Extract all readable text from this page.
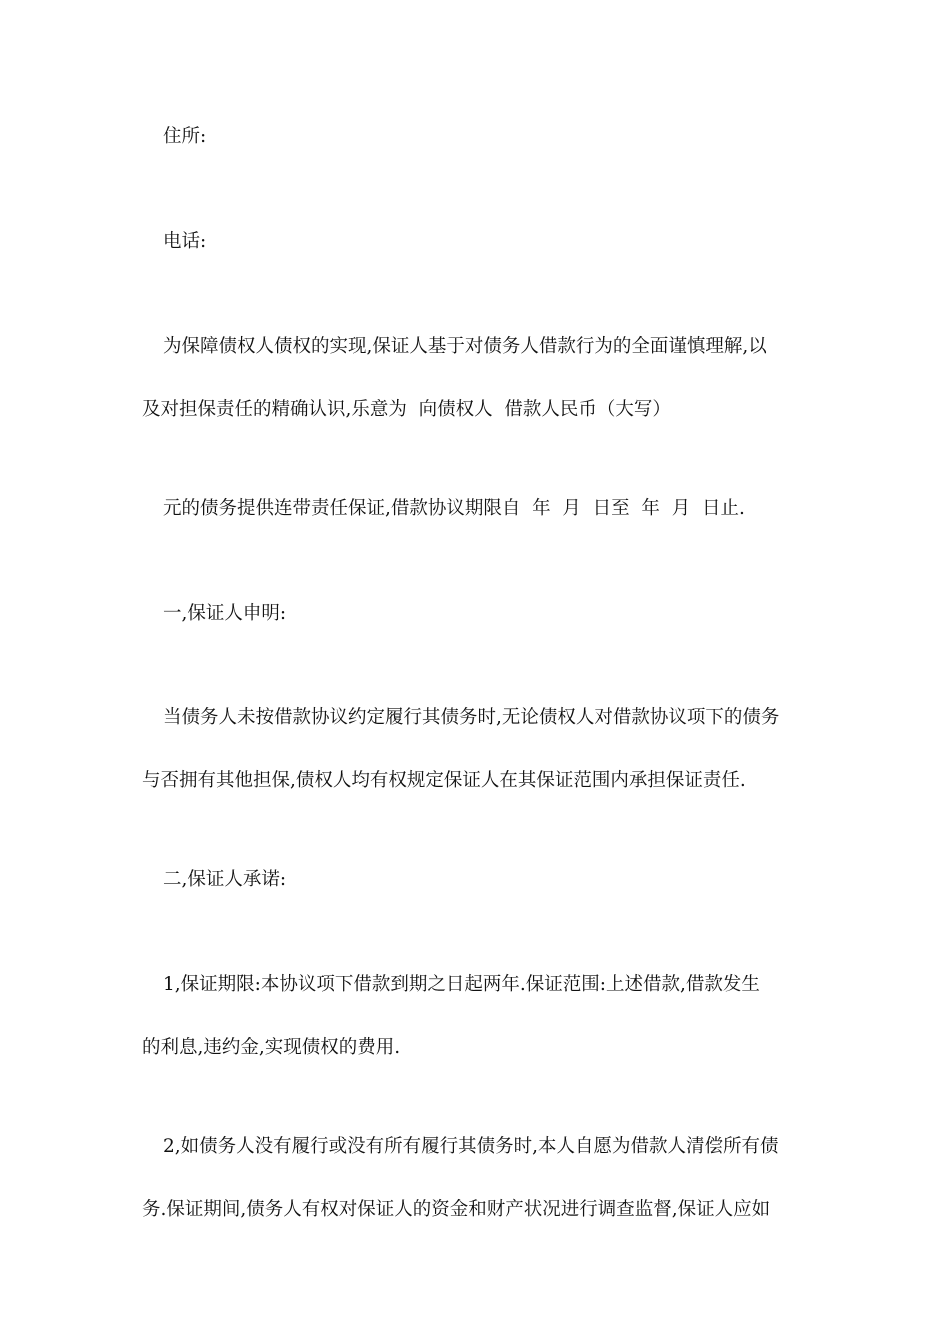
住所:
电话:
为保障债权人债权的实现,保证人基于对债务人借款行为的全面谨慎理解,以
及对担保责任的精确认识,乐意为  向债权人  借款人民币（大写）
元的债务提供连带责任保证,借款协议期限自  年  月  日至  年  月  日止.
一,保证人申明:
当债务人未按借款协议约定履行其债务时,无论债权人对借款协议项下的债务
与否拥有其他担保,债权人均有权规定保证人在其保证范围内承担保证责任.
二,保证人承诺:
1,保证期限:本协议项下借款到期之日起两年.保证范围:上述借款,借款发生
的利息,违约金,实现债权的费用.
2,如债务人没有履行或没有所有履行其债务时,本人自愿为借款人清偿所有债
务.保证期间,债务人有权对保证人的资金和财产状况进行调查监督,保证人应如
